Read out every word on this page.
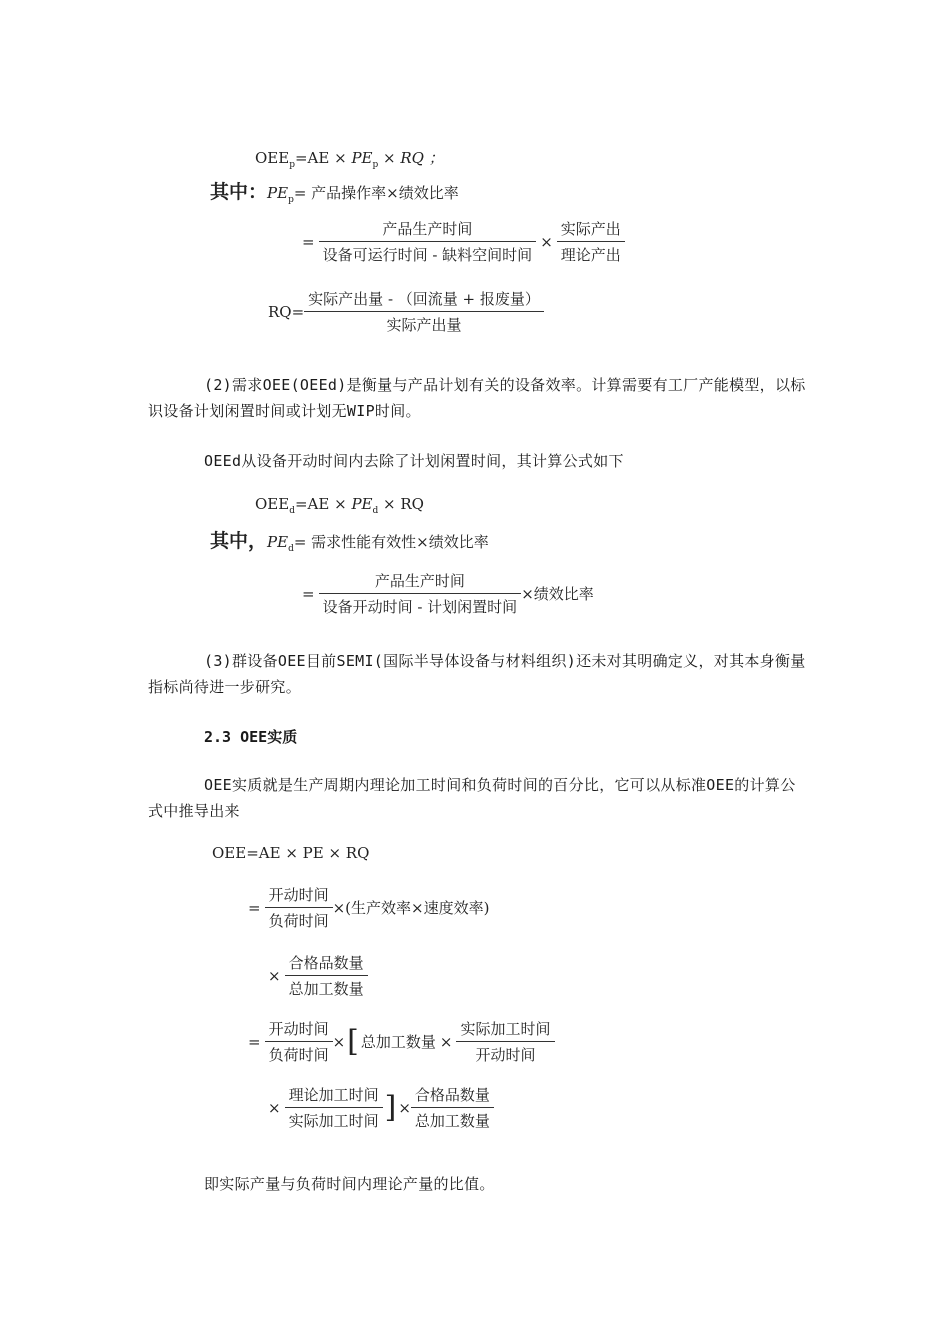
$OEE_p=AE \times PE_p$ × RQ ；
其中：$PE_p=$ 产品操作率×绩效比率
= $\frac{\text{产品生产时间}}{\text{设备可运行时间 - 缺料空间时间}} \times \frac{\text{实际产出}}{\text{理论产出}}$
$RQ= \frac{\text{实际产出量 - （回流量 + 报废量）}}{\text{实际产出量}}$
(2)需求OEE(OEEd)是衡量与产品计划有关的设备效率。计算需要有工厂产能模型，以标识设备计划闲置时间或计划无WIP时间。
OEEd从设备开动时间内去除了计划闲置时间，其计算公式如下
$OEE_d=AE \times PE_d$ × RQ
其中，$PE_d=$ 需求性能有效性×绩效比率
= $\frac{\text{产品生产时间}}{\text{设备开动时间 - 计划闲置时间}}$ ×绩效比率
(3)群设备OEE目前SEMI(国际半导体设备与材料组织)还未对其明确定义，对其本身衡量指标尚待进一步研究。
2.3 OEE实质
OEE实质就是生产周期内理论加工时间和负荷时间的百分比，它可以从标准OEE的计算公式中推导出来
OEE=AE × PE × RQ
= $\frac{\text{开动时间}}{\text{负荷时间}}$ ×(生产效率×速度效率)
× $\frac{\text{合格品数量}}{\text{总加工数量}}$
= $\frac{\text{开动时间}}{\text{负荷时间}}$ × [ 总加工数量 × $\frac{\text{实际加工时间}}{\text{开动时间}}$
× $\frac{\text{理论加工时间}}{\text{实际加工时间}}$ ] × $\frac{\text{合格品数量}}{\text{总加工数量}}$
即实际产量与负荷时间内理论产量的比值。
